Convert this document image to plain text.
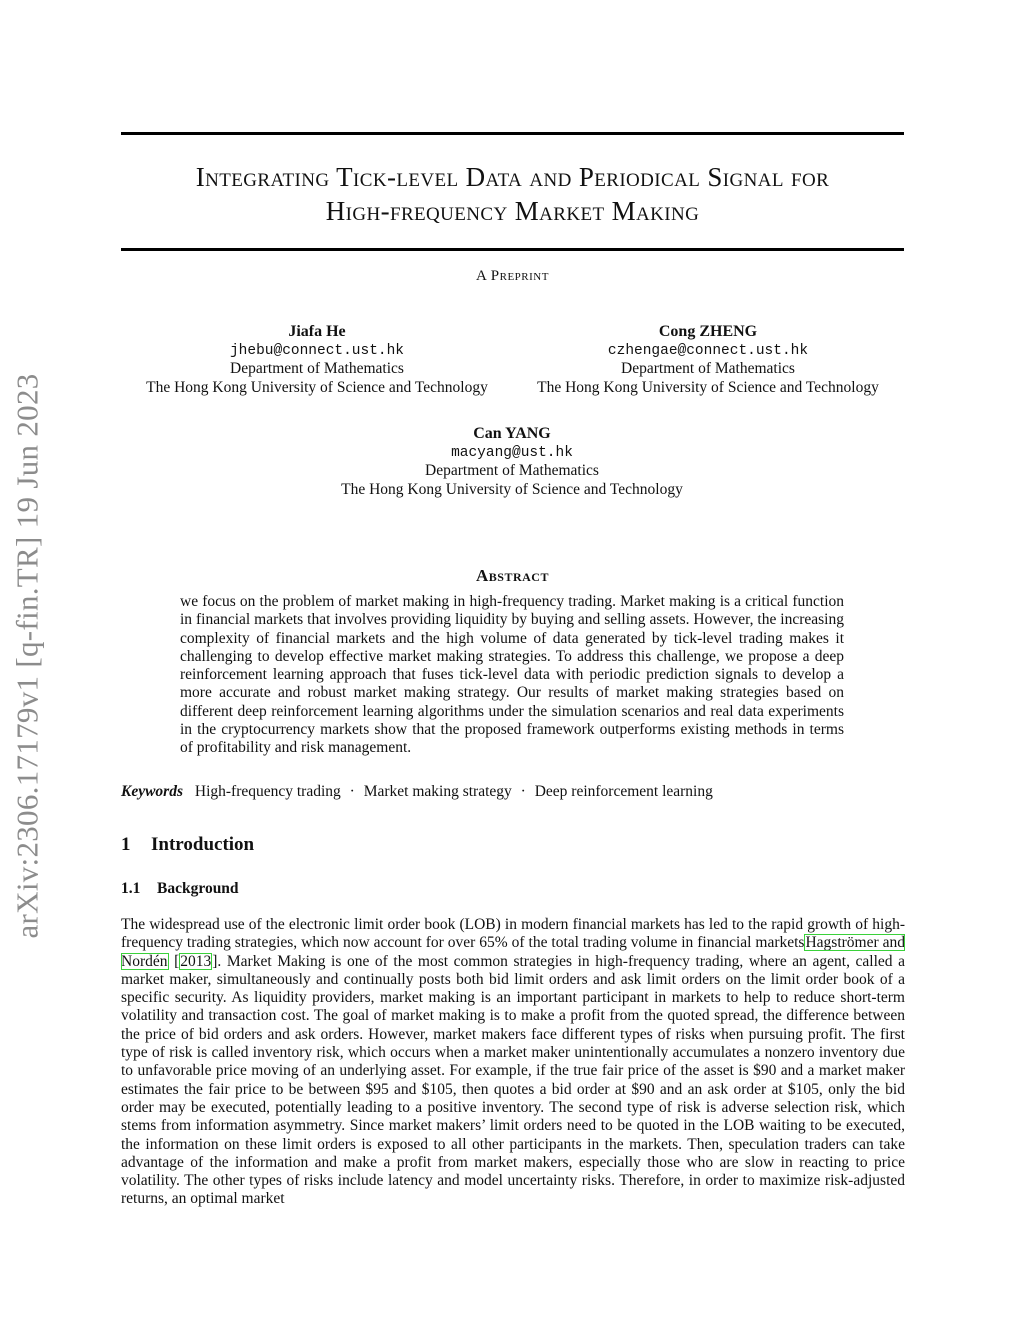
arXiv:2306.17179v1 [q-fin.TR] 19 Jun 2023
Integrating Tick-level Data and Periodical Signal for
High-frequency Market Making
A Preprint
Jiafa He
jhebu@connect.ust.hk
Department of Mathematics
The Hong Kong University of Science and Technology
Cong ZHENG
czhengae@connect.ust.hk
Department of Mathematics
The Hong Kong University of Science and Technology
Can YANG
macyang@ust.hk
Department of Mathematics
The Hong Kong University of Science and Technology
Abstract
we focus on the problem of market making in high-frequency trading. Market making is a critical function in financial markets that involves providing liquidity by buying and selling assets. However, the increasing complexity of financial markets and the high volume of data generated by tick-level trading makes it challenging to develop effective market making strategies. To address this challenge, we propose a deep reinforcement learning approach that fuses tick-level data with periodic prediction signals to develop a more accurate and robust market making strategy. Our results of market making strategies based on different deep reinforcement learning algorithms under the simulation scenarios and real data experiments in the cryptocurrency markets show that the proposed framework outperforms existing methods in terms of profitability and risk management.
Keywords High-frequency trading · Market making strategy · Deep reinforcement learning
1 Introduction
1.1 Background
The widespread use of the electronic limit order book (LOB) in modern financial markets has led to the rapid growth of high-frequency trading strategies, which now account for over 65% of the total trading volume in financial marketsHagströmer and Nordén [2013]. Market Making is one of the most common strategies in high-frequency trading, where an agent, called a market maker, simultaneously and continually posts both bid limit orders and ask limit orders on the limit order book of a specific security. As liquidity providers, market making is an important participant in markets to help to reduce short-term volatility and transaction cost. The goal of market making is to make a profit from the quoted spread, the difference between the price of bid orders and ask orders. However, market makers face different types of risks when pursuing profit. The first type of risk is called inventory risk, which occurs when a market maker unintentionally accumulates a nonzero inventory due to unfavorable price moving of an underlying asset. For example, if the true fair price of the asset is $90 and a market maker estimates the fair price to be between $95 and $105, then quotes a bid order at $90 and an ask order at $105, only the bid order may be executed, potentially leading to a positive inventory. The second type of risk is adverse selection risk, which stems from information asymmetry. Since market makers’ limit orders need to be quoted in the LOB waiting to be executed, the information on these limit orders is exposed to all other participants in the markets. Then, speculation traders can take advantage of the information and make a profit from market makers, especially those who are slow in reacting to price volatility. The other types of risks include latency and model uncertainty risks. Therefore, in order to maximize risk-adjusted returns, an optimal market
